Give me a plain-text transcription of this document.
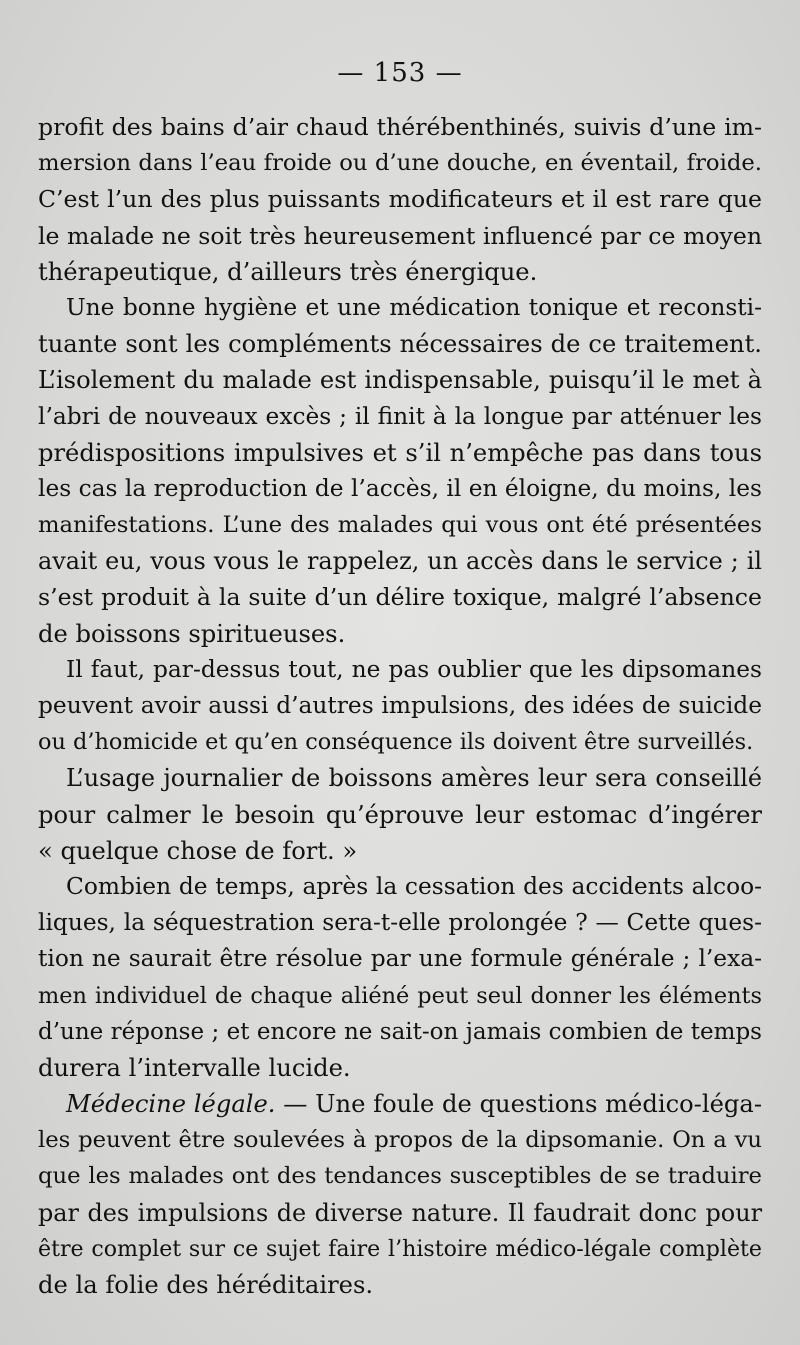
— 153 —
profit des bains d’air chaud thérébenthinés, suivis d’une im-
mersion dans l’eau froide ou d’une douche, en éventail, froide.
C’est l’un des plus puissants modificateurs et il est rare que
le malade ne soit très heureusement influencé par ce moyen
thérapeutique, d’ailleurs très énergique.
Une bonne hygiène et une médication tonique et reconsti-
tuante sont les compléments nécessaires de ce traitement.
L’isolement du malade est indispensable, puisqu’il le met à
l’abri de nouveaux excès ; il finit à la longue par atténuer les
prédispositions impulsives et s’il n’empêche pas dans tous
les cas la reproduction de l’accès, il en éloigne, du moins, les
manifestations. L’une des malades qui vous ont été présentées
avait eu, vous vous le rappelez, un accès dans le service ; il
s’est produit à la suite d’un délire toxique, malgré l’absence
de boissons spiritueuses.
Il faut, par-dessus tout, ne pas oublier que les dipsomanes
peuvent avoir aussi d’autres impulsions, des idées de suicide
ou d’homicide et qu’en conséquence ils doivent être surveillés.
L’usage journalier de boissons amères leur sera conseillé
pour calmer le besoin qu’éprouve leur estomac d’ingérer
« quelque chose de fort. »
Combien de temps, après la cessation des accidents alcoo-
liques, la séquestration sera-t-elle prolongée ? — Cette ques-
tion ne saurait être résolue par une formule générale ; l’exa-
men individuel de chaque aliéné peut seul donner les éléments
d’une réponse ; et encore ne sait-on jamais combien de temps
durera l’intervalle lucide.
Médecine légale. — Une foule de questions médico-léga-
les peuvent être soulevées à propos de la dipsomanie. On a vu
que les malades ont des tendances susceptibles de se traduire
par des impulsions de diverse nature. Il faudrait donc pour
être complet sur ce sujet faire l’histoire médico-légale complète
de la folie des héréditaires.
